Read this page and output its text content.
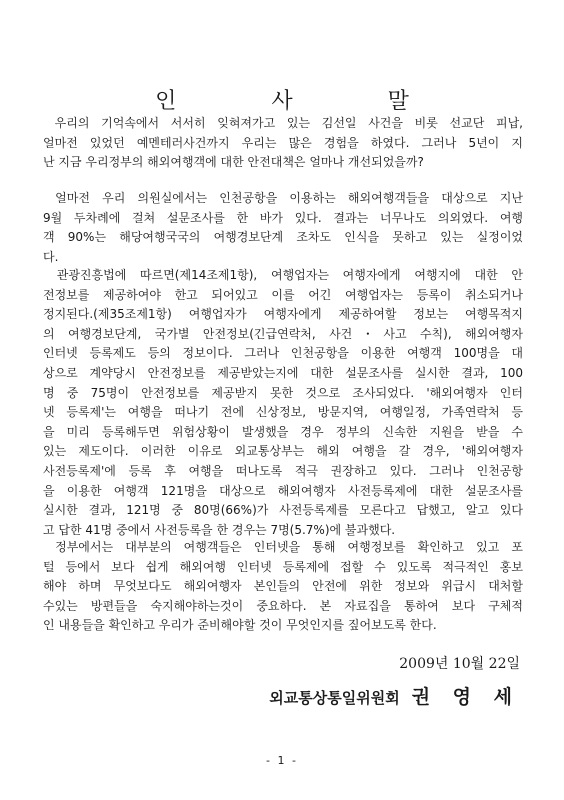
인 사 말
우리의 기억속에서 서서히 잊혀져가고 있는 김선일 사건을 비롯 선교단 피납,
얼마전 있었던 예멘테러사건까지 우리는 많은 경험을 하였다. 그러나 5년이 지
난 지금 우리정부의 해외여행객에 대한 안전대책은 얼마나 개선되었을까?
얼마전 우리 의원실에서는 인천공항을 이용하는 해외여행객들을 대상으로 지난
9월 두차례에 걸쳐 설문조사를 한 바가 있다. 결과는 너무나도 의외였다. 여행
객 90%는 해당여행국국의 여행경보단계 조차도 인식을 못하고 있는 실정이었
다.
관광진흥법에 따르면(제14조제1항), 여행업자는 여행자에게 여행지에 대한 안
전정보를 제공하여야 한고 되어있고 이를 어긴 여행업자는 등록이 취소되거나
정지된다.(제35조제1항) 여행업자가 여행자에게 제공하여할 정보는 여행목적지
의 여행경보단계, 국가별 안전정보(긴급연락처, 사건・사고 수칙), 해외여행자
인터넷 등록제도 등의 정보이다. 그러나 인천공항을 이용한 여행객 100명을 대
상으로 계약당시 안전정보를 제공받았는지에 대한 설문조사를 실시한 결과, 100
명 중 75명이 안전정보를 제공받지 못한 것으로 조사되었다. '해외여행자 인터
넷 등록제'는 여행을 떠나기 전에 신상정보, 방문지역, 여행일정, 가족연락처 등
을 미리 등록해두면 위험상황이 발생했을 경우 정부의 신속한 지원을 받을 수
있는 제도이다. 이러한 이유로 외교통상부는 해외 여행을 갈 경우, '해외여행자
사전등록제'에 등록 후 여행을 떠나도록 적극 권장하고 있다. 그러나 인천공항
을 이용한 여행객 121명을 대상으로 해외여행자 사전등록제에 대한 설문조사를
실시한 결과, 121명 중 80명(66%)가 사전등록제를 모른다고 답했고, 알고 있다
고 답한 41명 중에서 사전등록을 한 경우는 7명(5.7%)에 불과했다.
정부에서는 대부분의 여행객들은 인터넷을 통해 여행정보를 확인하고 있고 포
털 등에서 보다 쉽게 해외여행 인터넷 등록제에 접할 수 있도록 적극적인 홍보
해야 하며 무엇보다도 해외여행자 본인들의 안전에 위한 정보와 위급시 대처할
수있는 방편들을 숙지해야하는것이 중요하다. 본 자료집을 통하여 보다 구체적
인 내용들을 확인하고 우리가 준비해야할 것이 무엇인지를 짚어보도록 한다.
2009년 10월 22일
외교통상통일위원회 권 영 세
- 1 -
